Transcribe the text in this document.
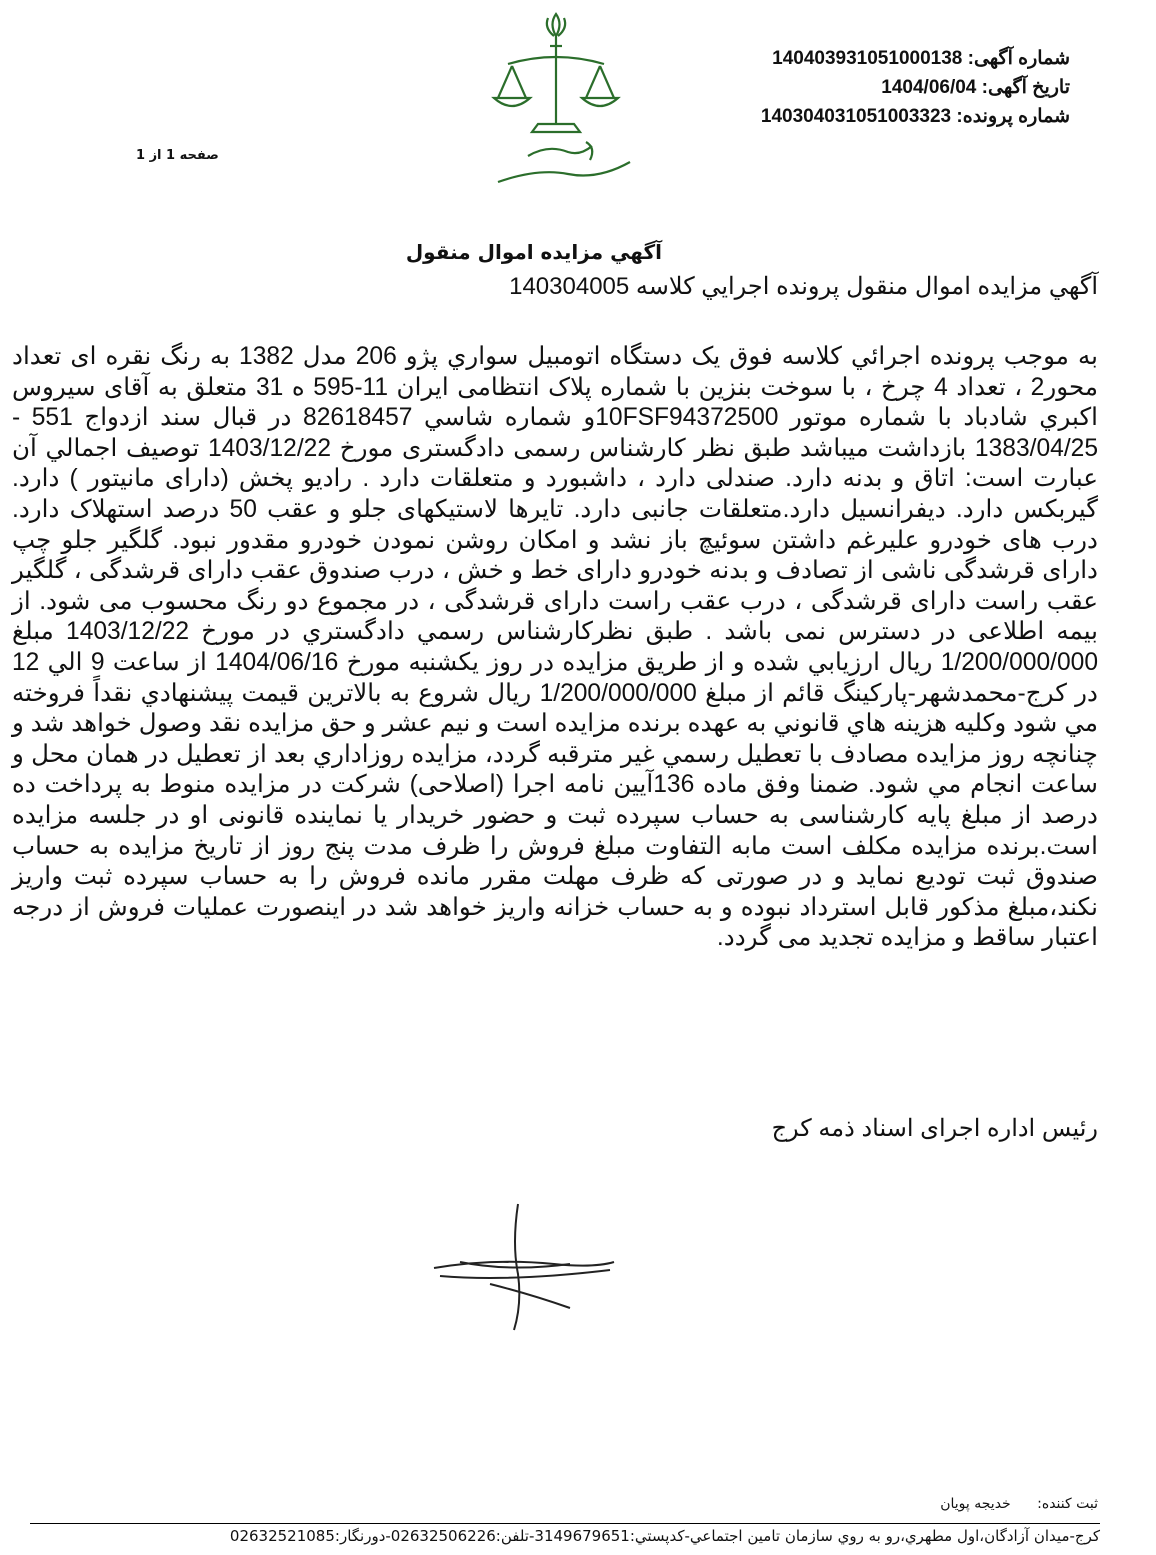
شماره آگهی: 14040393105100013‍8
تاریخ آگهی: 1404/06/04
شماره پرونده: 14030403105100332‍3
صفحه 1 از 1
آگهي مزايده اموال منقول
آگهي مزايده اموال منقول پرونده اجرايي کلاسه 140304005
به موجب پرونده اجرائي كلاسه فوق یک دستگاه اتومبیل سواري پژو 206 مدل 1382 به رنگ نقره ای تعداد محور2 ، تعداد 4 چرخ ، با سوخت بنزین با شماره پلاک انتظامی ایران 11-595 ه 31 متعلق به آقای سیروس اکبري شادباد با شماره موتور 10FSF94372500و شماره شاسي 82618457 در قبال سند ازدواج 551 - 1383/04/25 بازداشت میباشد طبق نظر کارشناس رسمی دادگستری مورخ 1403/12/22 توصیف اجمالي آن عبارت است: اتاق و بدنه دارد. صندلی دارد ، داشبورد و متعلقات دارد . رادیو پخش (دارای مانیتور ) دارد. گیربکس دارد. دیفرانسیل دارد.متعلقات جانبی دارد. تایرها لاستیکهای جلو و عقب 50 درصد استهلاک دارد. درب های خودرو علیرغم داشتن سوئیچ باز نشد و امکان روشن نمودن خودرو مقدور نبود. گلگیر جلو چپ دارای قرشدگی ناشی از تصادف و بدنه خودرو دارای خط و خش ، درب صندوق عقب دارای قرشدگی ، گلگیر عقب راست دارای قرشدگی ، درب عقب راست دارای قرشدگی ، در مجموع دو رنگ محسوب می شود. از بیمه اطلاعی در دسترس نمی باشد . طبق نظرکارشناس رسمي دادگستري در مورخ 1403/12/22 مبلغ 1/200/000/000 ريال ارزيابي شده و از طريق مزايده در روز يکشنبه مورخ 1404/06/16 از ساعت 9 الي 12 در کرج-محمدشهر-پارکینگ قائم از مبلغ 1/200/000/000 ريال شروع به بالاترين قيمت پيشنهادي نقداً فروخته مي شود وكليه هزينه هاي قانوني به عهده برنده مزايده است و نيم عشر و حق مزايده نقد وصول خواهد شد و چنانچه روز مزايده مصادف با تعطيل رسمي غير مترقبه گردد، مزايده روزاداري بعد از تعطيل در همان محل و ساعت انجام مي شود. ضمنا وفق ماده 136آیین نامه اجرا (اصلاحی) شرکت در مزایده منوط به پرداخت ده درصد از مبلغ پایه کارشناسی به حساب سپرده ثبت و حضور خریدار یا نماینده قانونی او در جلسه مزایده است.برنده مزایده مکلف است مابه التفاوت مبلغ فروش را ظرف مدت پنج روز از تاریخ مزایده به حساب صندوق ثبت تودیع نماید و در صورتی که ظرف مهلت مقرر مانده فروش را به حساب سپرده ثبت واریز نکند،مبلغ مذکور قابل استرداد نبوده و به حساب خزانه واریز خواهد شد در اینصورت عملیات فروش از درجه اعتبار ساقط و مزایده تجدید می گردد.
رئیس اداره اجرای اسناد ذمه کرج
ثبت کننده: خدیجه پویان
كرج-ميدان آزادگان،اول مطهري،رو به روي سازمان تامين اجتماعي-كدپستي:3149679651-تلفن:02632506226-دورنگار:02632521085
